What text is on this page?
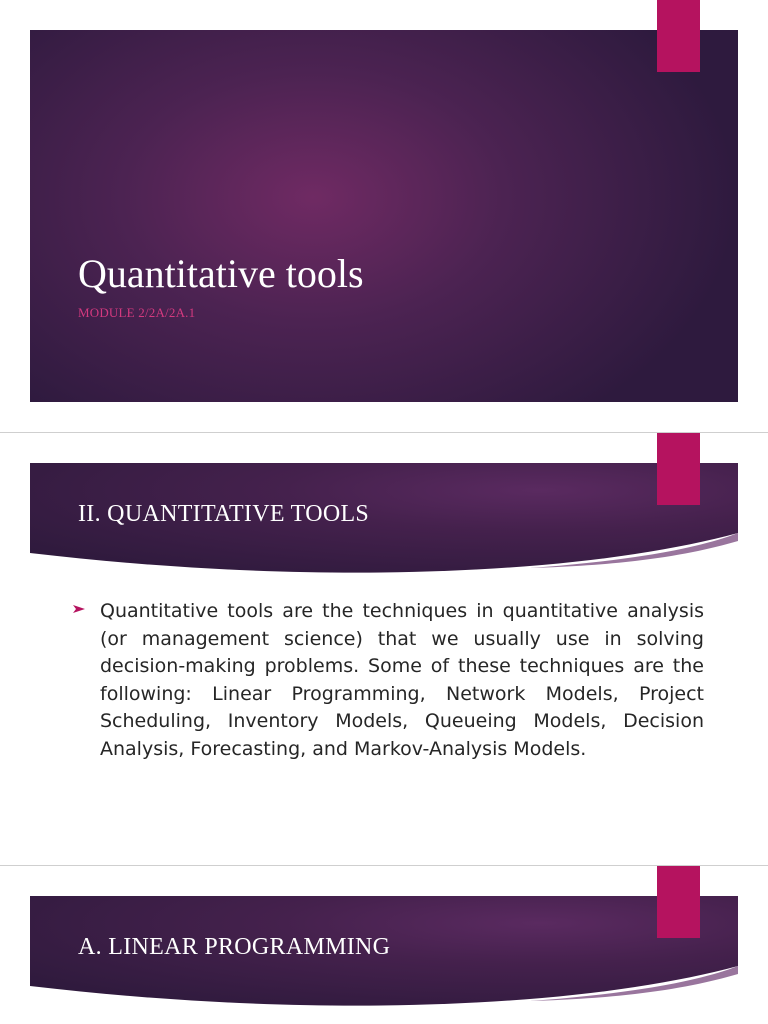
Quantitative tools
MODULE 2/2A/2A.1
II. QUANTITATIVE TOOLS
Quantitative tools are the techniques in quantitative analysis (or management science) that we usually use in solving decision-making problems. Some of these techniques are the following: Linear Programming, Network Models, Project Scheduling, Inventory Models, Queueing Models, Decision Analysis, Forecasting, and Markov-Analysis Models.
A. LINEAR PROGRAMMING
